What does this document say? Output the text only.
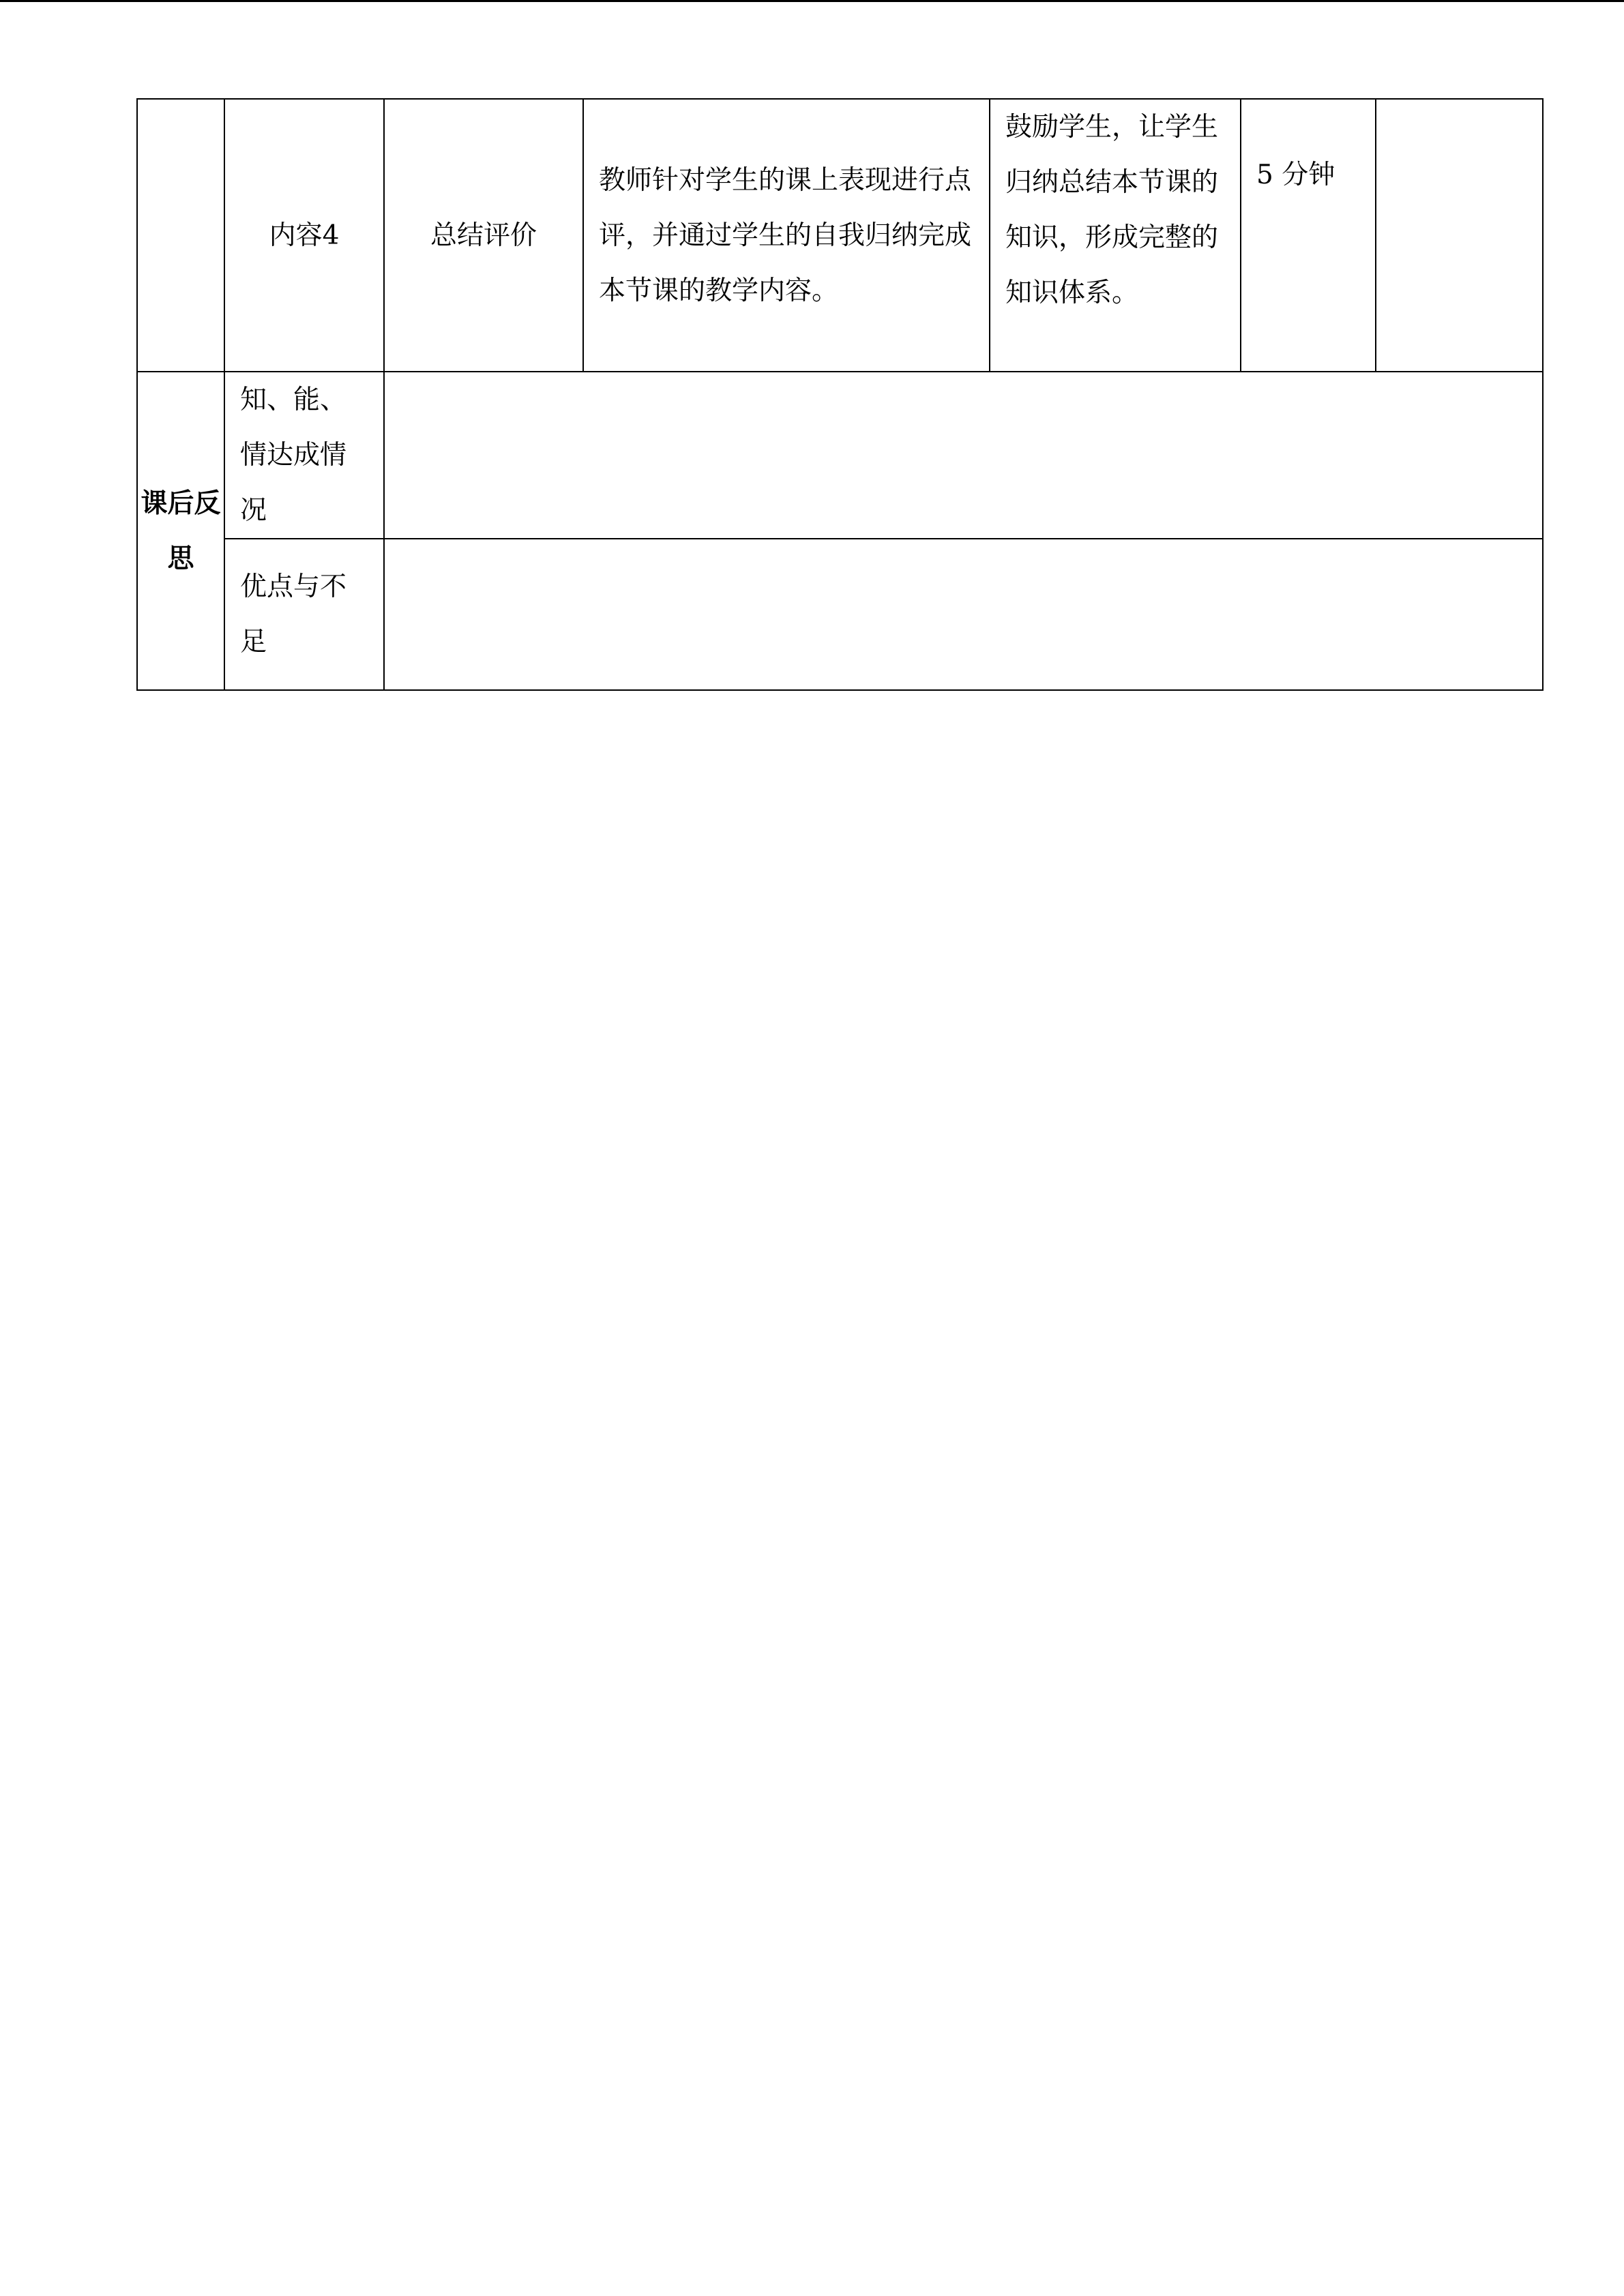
	内容4	总结评价	教师针对学生的课上表现进行点评，并通过学生的自我归纳完成本节课的教学内容。	鼓励学生，让学生归纳总结本节课的知识，形成完整的知识体系。	5 分钟	
课后反思	知、能、情达成情况					
	优点与不足					
